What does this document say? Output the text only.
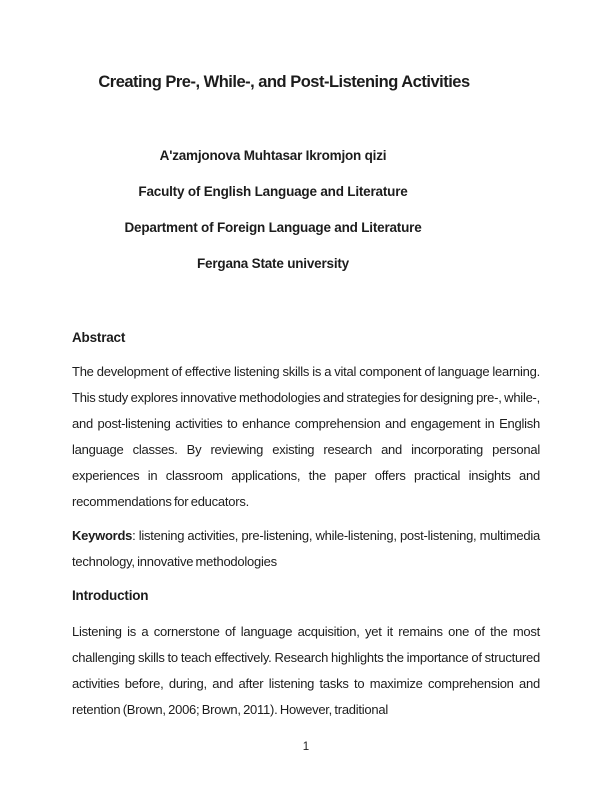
Creating Pre-, While-, and Post-Listening Activities
A'zamjonova Muhtasar Ikromjon qizi
Faculty of English Language and Literature
Department of Foreign Language and Literature
Fergana State university
Abstract

The development of effective listening skills is a vital component of language learning. This study explores innovative methodologies and strategies for designing pre-, while-, and post-listening activities to enhance comprehension and engagement in English language classes. By reviewing existing research and incorporating personal experiences in classroom applications, the paper offers practical insights and recommendations for educators.

Keywords: listening activities, pre-listening, while-listening, post-listening, multimedia technology, innovative methodologies

Introduction

Listening is a cornerstone of language acquisition, yet it remains one of the most challenging skills to teach effectively. Research highlights the importance of structured activities before, during, and after listening tasks to maximize comprehension and retention (Brown, 2006; Brown, 2011). However, traditional

1
